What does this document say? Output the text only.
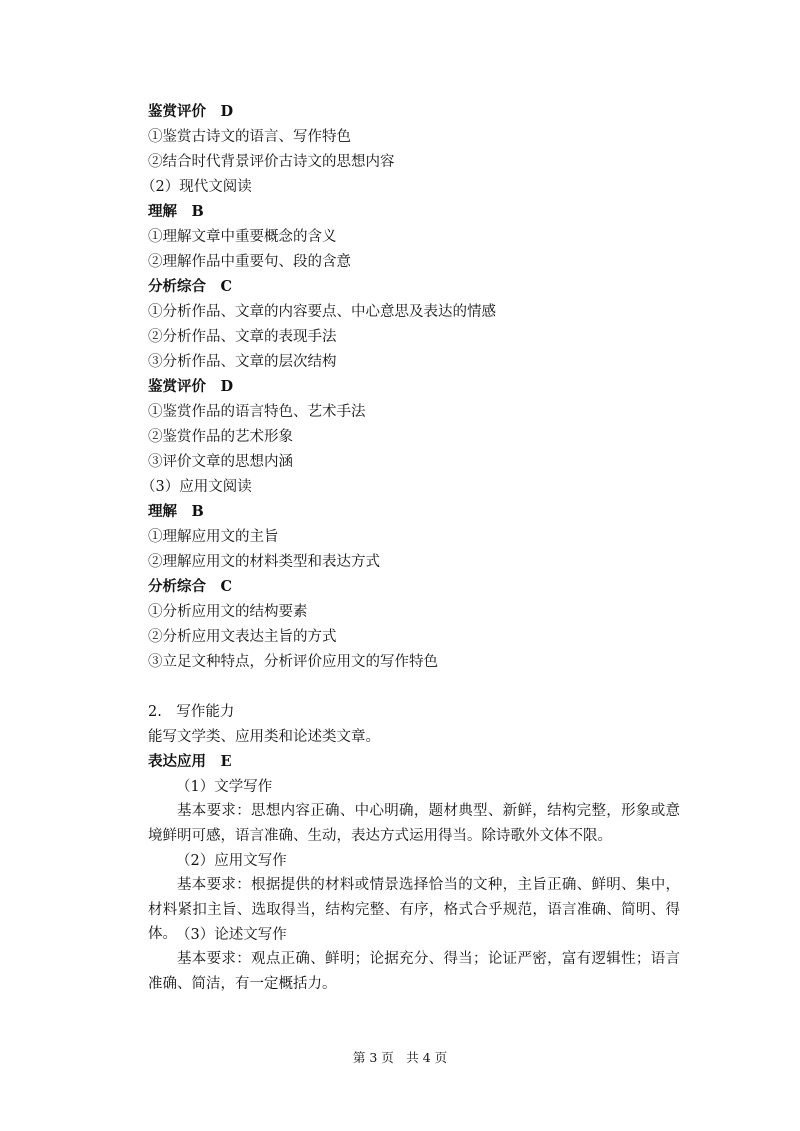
鉴赏评价　D
①鉴赏古诗文的语言、写作特色
②结合时代背景评价古诗文的思想内容
（2）现代文阅读
理解　B
①理解文章中重要概念的含义
②理解作品中重要句、段的含意
分析综合　C
①分析作品、文章的内容要点、中心意思及表达的情感
②分析作品、文章的表现手法
③分析作品、文章的层次结构
鉴赏评价　D
①鉴赏作品的语言特色、艺术手法
②鉴赏作品的艺术形象
③评价文章的思想内涵
（3）应用文阅读
理解　B
①理解应用文的主旨
②理解应用文的材料类型和表达方式
分析综合　C
①分析应用文的结构要素
②分析应用文表达主旨的方式
③立足文种特点，分析评价应用文的写作特色
2.　写作能力
能写文学类、应用类和论述类文章。
表达应用　E
（1）文学写作
基本要求：思想内容正确、中心明确，题材典型、新鲜，结构完整，形象或意境鲜明可感，语言准确、生动，表达方式运用得当。除诗歌外文体不限。
（2）应用文写作
基本要求：根据提供的材料或情景选择恰当的文种，主旨正确、鲜明、集中，材料紧扣主旨、选取得当，结构完整、有序，格式合乎规范，语言准确、简明、得体。 （3）论述文写作
基本要求：观点正确、鲜明；论据充分、得当；论证严密，富有逻辑性；语言准确、简洁，有一定概括力。
第 3 页　共 4 页
